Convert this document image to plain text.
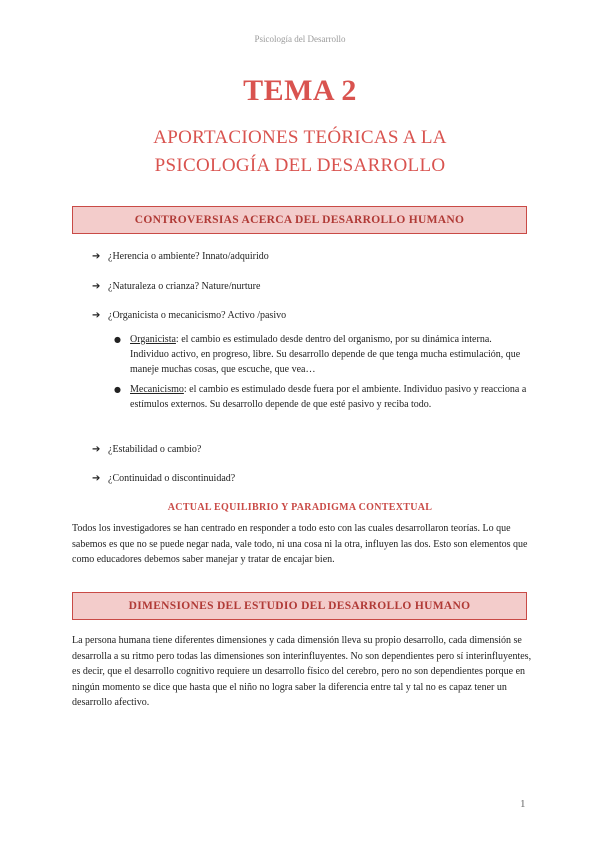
Psicología del Desarrollo
TEMA 2
APORTACIONES TEÓRICAS A LA
PSICOLOGÍA DEL DESARROLLO
CONTROVERSIAS ACERCA DEL DESARROLLO HUMANO
➔ ¿Herencia o ambiente? Innato/adquirido
➔ ¿Naturaleza o crianza? Nature/nurture
➔ ¿Organicista o mecanicismo? Activo /pasivo
● Organicista: el cambio es estimulado desde dentro del organismo, por su dinámica interna. Individuo activo, en progreso, libre. Su desarrollo depende de que tenga mucha estimulación, que maneje muchas cosas, que escuche, que vea…
● Mecanicismo: el cambio es estimulado desde fuera por el ambiente. Individuo pasivo y reacciona a estímulos externos. Su desarrollo depende de que esté pasivo y reciba todo.
➔ ¿Estabilidad o cambio?
➔ ¿Continuidad o discontinuidad?
ACTUAL EQUILIBRIO Y PARADIGMA CONTEXTUAL
Todos los investigadores se han centrado en responder a todo esto con las cuales desarrollaron teorías. Lo que sabemos es que no se puede negar nada, vale todo, ni una cosa ni la otra, influyen las dos. Esto son elementos que como educadores debemos saber manejar y tratar de encajar bien.
DIMENSIONES DEL ESTUDIO DEL DESARROLLO HUMANO
La persona humana tiene diferentes dimensiones y cada dimensión lleva su propio desarrollo, cada dimensión se desarrolla a su ritmo pero todas las dimensiones son interinfluyentes. No son dependientes pero sí interinfluyentes, es decir, que el desarrollo cognitivo requiere un desarrollo físico del cerebro, pero no son dependientes porque en ningún momento se dice que hasta que el niño no logra saber la diferencia entre tal y tal no es capaz tener un desarrollo afectivo.
1
